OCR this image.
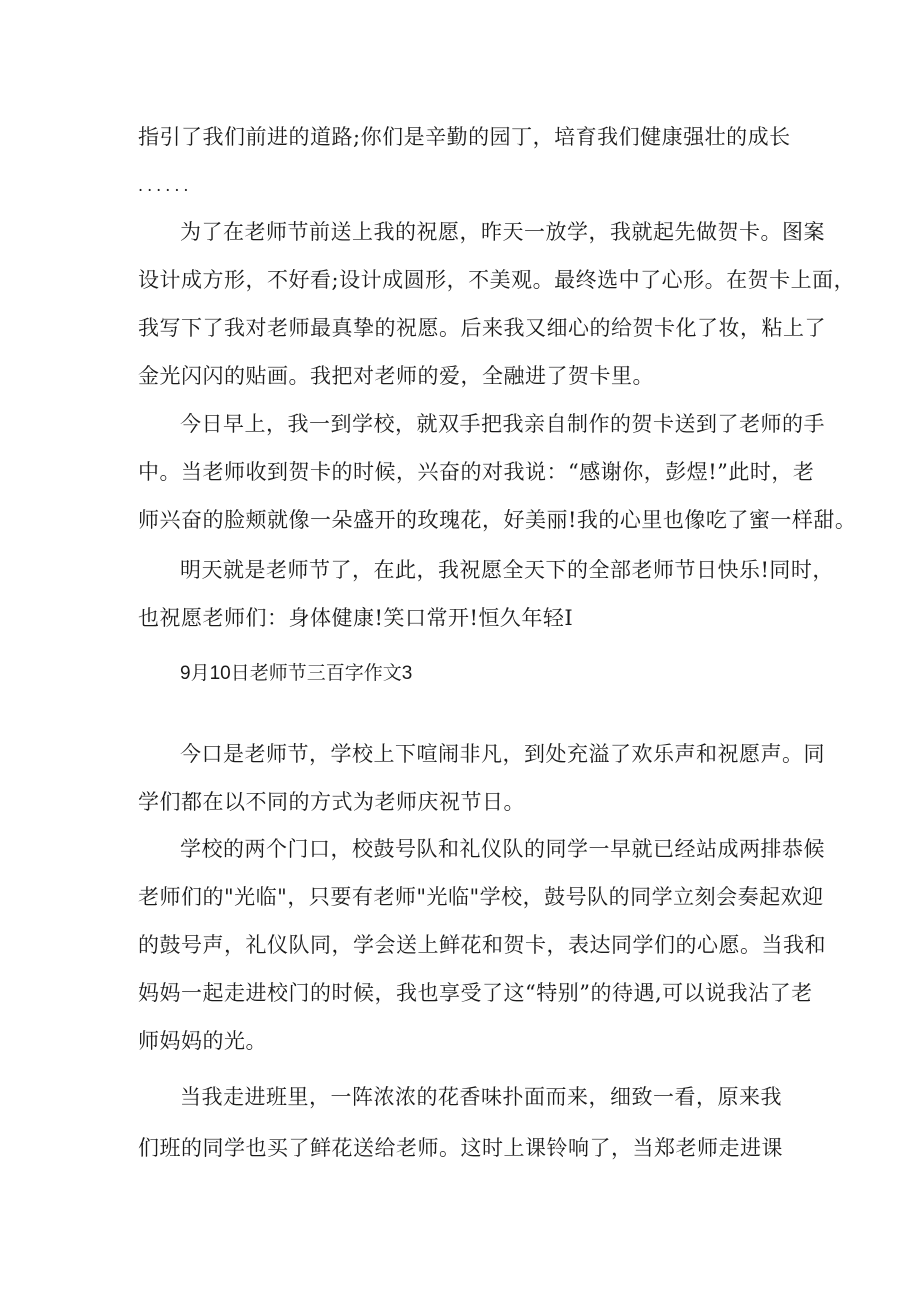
指引了我们前进的道路;你们是辛勤的园丁，培育我们健康强壮的成长
......
为了在老师节前送上我的祝愿，昨天一放学，我就起先做贺卡。图案
设计成方形，不好看;设计成圆形，不美观。最终选中了心形。在贺卡上面，
我写下了我对老师最真挚的祝愿。后来我又细心的给贺卡化了妆，粘上了
金光闪闪的贴画。我把对老师的爱，全融进了贺卡里。
今日早上，我一到学校，就双手把我亲自制作的贺卡送到了老师的手
中。当老师收到贺卡的时候，兴奋的对我说：“感谢你，彭煜!”此时，老
师兴奋的脸颊就像一朵盛开的玫瑰花，好美丽!我的心里也像吃了蜜一样甜。
明天就是老师节了，在此，我祝愿全天下的全部老师节日快乐!同时，
也祝愿老师们：身体健康!笑口常开!恒久年轻I
9月10日老师节三百字作文3
今口是老师节，学校上下喧闹非凡，到处充溢了欢乐声和祝愿声。同
学们都在以不同的方式为老师庆祝节日。
学校的两个门口，校鼓号队和礼仪队的同学一早就已经站成两排恭候
老师们的"光临"，只要有老师"光临"学校，鼓号队的同学立刻会奏起欢迎
的鼓号声，礼仪队同，学会送上鲜花和贺卡，表达同学们的心愿。当我和
妈妈一起走进校门的时候，我也享受了这“特别”的待遇,可以说我沾了老
师妈妈的光。
当我走进班里，一阵浓浓的花香味扑面而来，细致一看，原来我
们班的同学也买了鲜花送给老师。这时上课铃响了，当郑老师走进课
